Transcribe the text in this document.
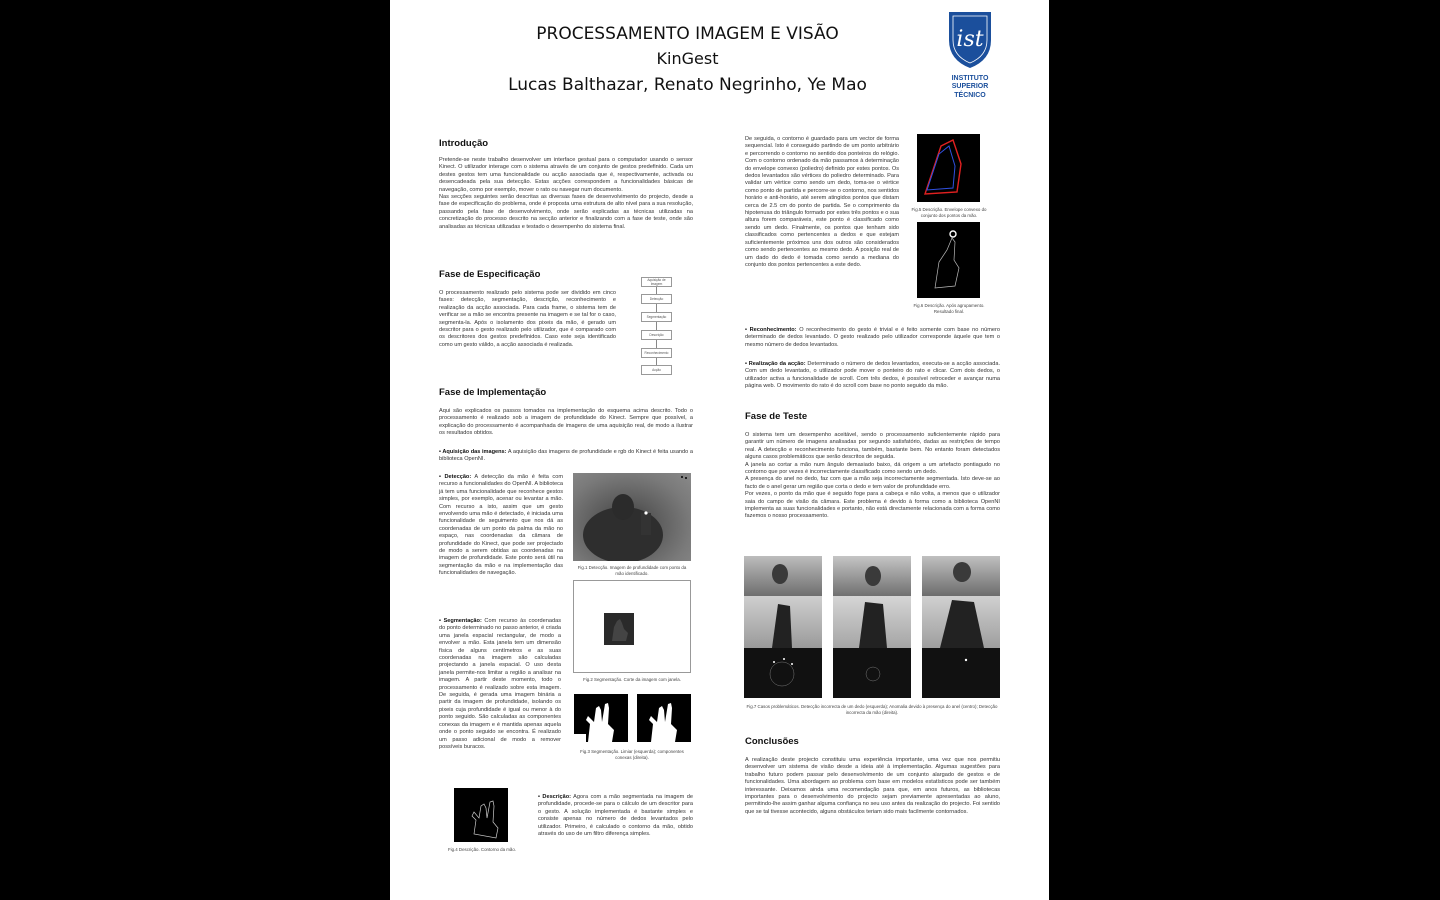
PROCESSAMENTO IMAGEM E VISÃO
KinGest
Lucas Balthazar, Renato Negrinho, Ye Mao
ist
INSTITUTO
SUPERIOR
TÉCNICO
Introdução

Pretende-se neste trabalho desenvolver um interface gestual para o computador usando o sensor Kinect. O utilizador interage com o sistema através de um conjunto de gestos predefinido. Cada um destes gestos tem uma funcionalidade ou acção associada que é, respectivamente, activada ou desencadeada pela sua detecção. Estas acções correspondem a funcionalidades básicas de navegação, como por exemplo, mover o rato ou navegar num documento.

Nas secções seguintes serão descritas as diversas fases de desenvolvimento do projecto, desde a fase de especificação do problema, onde é proposta uma estrutura de alto nível para a sua resolução, passando pela fase de desenvolvimento, onde serão explicadas as técnicas utilizadas na concretização do processo descrito na secção anterior e finalizando com a fase de teste, onde são analisadas as técnicas utilizadas e testado o desempenho do sistema final.

Fase de Especificação

O processamento realizado pelo sistema pode ser dividido em cinco fases: detecção, segmentação, descrição, reconhecimento e realização da acção associada. Para cada frame, o sistema tem de verificar se a mão se encontra presente na imagem e se tal for o caso, segmenta-la. Após o isolamento dos pixeis da mão, é gerado um descritor para o gesto realizado pelo utilizador, que é comparado com os descritores dos gestos predefinidos. Caso este seja identificado como um gesto válido, a acção associada é realizada.

Aquisição de Imagem
Detecção
Segmentação
Descrição
Reconhecimento
Acção
Fase de Implementação

Aqui são explicados os passos tomados na implementação do esquema acima descrito. Todo o processamento é realizado sob a imagem de profundidade do Kinect. Sempre que possível, a explicação do processamento é acompanhada de imagens de uma aquisição real, de modo a ilustrar os resultados obtidos.

• Aquisição das imagens: A aquisição das imagens de profundidade e rgb do Kinect é feita usando a biblioteca OpenNI.

• Detecção: A detecção da mão é feita com recurso a funcionalidades do OpenNI. A biblioteca já tem uma funcionalidade que reconhece gestos simples, por exemplo, acenar ou levantar a mão. Com recurso a isto, assim que um gesto envolvendo uma mão é detectado, é iniciada uma funcionalidade de seguimento que nos dá as coordenadas de um ponto da palma da mão no espaço, nas coordenadas da câmara de profundidade do Kinect, que pode ser projectado de modo a serem obtidas as coordenadas na imagem de profundidade. Este ponto será útil na segmentação da mão e na implementação das funcionalidades de navegação.

Fig.1 Detecção. Imagem de profundidade com ponto da mão identificado.
Fig.2 Segmentação. Corte da imagem com janela.
Fig.3 Segmentação. Limiar (esquerda); componentes conexas (direita).

• Segmentação: Com recurso às coordenadas do ponto determinado no passo anterior, é criada uma janela espacial rectangular, de modo a envolver a mão. Esta janela tem um dimensão física de alguns centímetros e as suas coordenadas na imagem são calculadas projectando a janela espacial. O uso desta janela permite-nos limitar a região a analisar na imagem. A partir deste momento, todo o processamento é realizado sobre esta imagem. De seguida, é gerada uma imagem binária a partir da imagem de profundidade, isolando os pixeis cuja profundidade é igual ou menor à do ponto seguido. São calculadas as componentes conexas da imagem e é mantida apenas aquela onde o ponto seguido se encontra. É realizado um passo adicional de modo a remover possíveis buracos.

Fig.4 Descrição. Contorno da mão.

• Descrição: Agora com a mão segmentada na imagem de profundidade, procede-se para o cálculo de um descritor para o gesto. A solução implementada é bastante simples e consiste apenas no número de dedos levantados pelo utilizador. Primeiro, é calculado o contorno da mão, obtido através do uso de um filtro diferença simples.

De seguida, o contorno é guardado para um vector de forma sequencial. Isto é conseguido partindo de um ponto arbitrário e percorrendo o contorno no sentido dos ponteiros do relógio. Com o contorno ordenado da mão passamos à determinação do envelope convexo (poliedro) definido por estes pontos. Os dedos levantados são vértices do poliedro determinado. Para validar um vértice como sendo um dedo, toma-se o vértice como ponto de partida e percorre-se o contorno, nos sentidos horário e anti-horário, até serem atingidos pontos que distam cerca de 2.5 cm do ponto de partida. Se o comprimento da hipotenusa do triângulo formado por estes três pontos e o sua altura forem comparáveis, este ponto é classificado como sendo um dedo. Finalmente, os pontos que tenham sido classificados como pertencentes a dedos e que estejam suficientemente próximos uns dos outros são considerados como sendo pertencentes ao mesmo dedo. A posição real de um dado do dedo é tomada como sendo a mediana do conjunto dos pontos pertencentes a este dedo.

Fig.5 Descrição. Envelope convexo do conjunto dos pontos da mão.
Fig.6 Descrição. Após agrupamento. Resultado final.

• Reconhecimento: O reconhecimento do gesto é trivial e é feito somente com base no número determinado de dedos levantado. O gesto realizado pelo utilizador corresponde àquele que tem o mesmo número de dedos levantados.

• Realização da acção: Determinado o número de dedos levantados, executa-se a acção associada. Com um dedo levantado, o utilizador pode mover o ponteiro do rato e clicar. Com dois dedos, o utilizador activa a funcionalidade de scroll. Com três dedos, é possível retroceder e avançar numa página web. O movimento do rato é do scroll com base no ponto seguido da mão.

Fase de Teste

O sistema tem um desempenho aceitável, sendo o processamento suficientemente rápido para garantir um número de imagens analisadas por segundo satisfatório, dadas as restrições de tempo real. A detecção e reconhecimento funciona, também, bastante bem. No entanto foram detectados alguns casos problemáticos que serão descritos de seguida.

A janela ao cortar a mão num ângulo demasiado baixo, dá origem a um artefacto pontiagudo no contorno que por vezes é incorrectamente classificado como sendo um dedo.

A presença do anel no dedo, faz com que a mão seja incorrectamente segmentada. Isto deve-se ao facto de o anel gerar um região que corta o dedo e tem valor de profundidade erro.

Por vezes, o ponto da mão que é seguido foge para a cabeça e não volta, a menos que o utilizador saia do campo de visão da câmara. Este problema é devido à forma como a biblioteca OpenNI implementa as suas funcionalidades e portanto, não está directamente relacionada com a forma como fazemos o nosso processamento.

Fig.7 Casos problemáticos. Detecção incorrecta de um dedo (esquerda); Anomalia devido à presença do anel (centro); Detecção incorrecta da mão (direita).
Conclusões

A realização deste projecto constituiu uma experiência importante, uma vez que nos permitiu desenvolver um sistema de visão desde a ideia até à implementação. Algumas sugestões para trabalho futuro podem passar pelo desenvolvimento de um conjunto alargado de gestos e de funcionalidades. Uma abordagem ao problema com base em modelos estatísticos pode ser também interessante. Deixamos ainda uma recomendação para que, em anos futuros, as bibliotecas importantes para o desenvolvimento do projecto sejam previamente apresentadas ao aluno, permitindo-lhe assim ganhar alguma confiança no seu uso antes da realização do projecto. Foi sentido que se tal tivesse acontecido, alguns obstáculos teriam sido mais facilmente contornados.
